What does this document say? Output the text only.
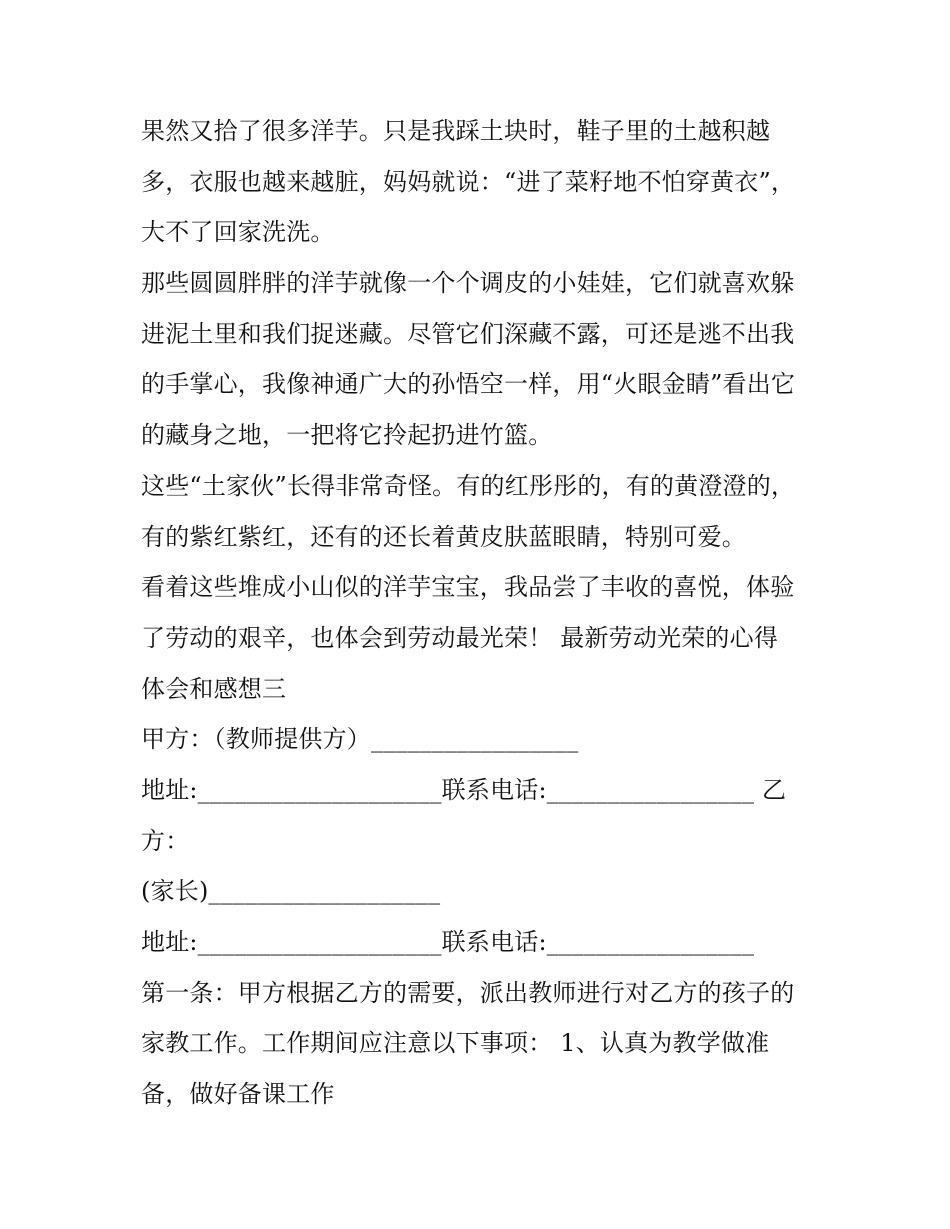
果然又拾了很多洋芋。只是我踩土块时，鞋子里的土越积越
多，衣服也越来越脏，妈妈就说：“进了菜籽地不怕穿黄衣”，
大不了回家洗洗。
那些圆圆胖胖的洋芋就像一个个调皮的小娃娃，它们就喜欢躲
进泥土里和我们捉迷藏。尽管它们深藏不露，可还是逃不出我
的手掌心，我像神通广大的孙悟空一样，用“火眼金睛”看出它
的藏身之地，一把将它拎起扔进竹篮。
这些“土家伙”长得非常奇怪。有的红彤彤的，有的黄澄澄的，
有的紫红紫红，还有的还长着黄皮肤蓝眼睛，特别可爱。
看着这些堆成小山似的洋芋宝宝，我品尝了丰收的喜悦，体验
了劳动的艰辛，也体会到劳动最光荣！ 最新劳动光荣的心得
体会和感想三
甲方：（教师提供方）_________________
地址:____________________联系电话:_________________ 乙
方：
(家长)___________________
地址:____________________联系电话:_________________
第一条：甲方根据乙方的需要，派出教师进行对乙方的孩子的
家教工作。工作期间应注意以下事项： 1、认真为教学做准
备，做好备课工作
